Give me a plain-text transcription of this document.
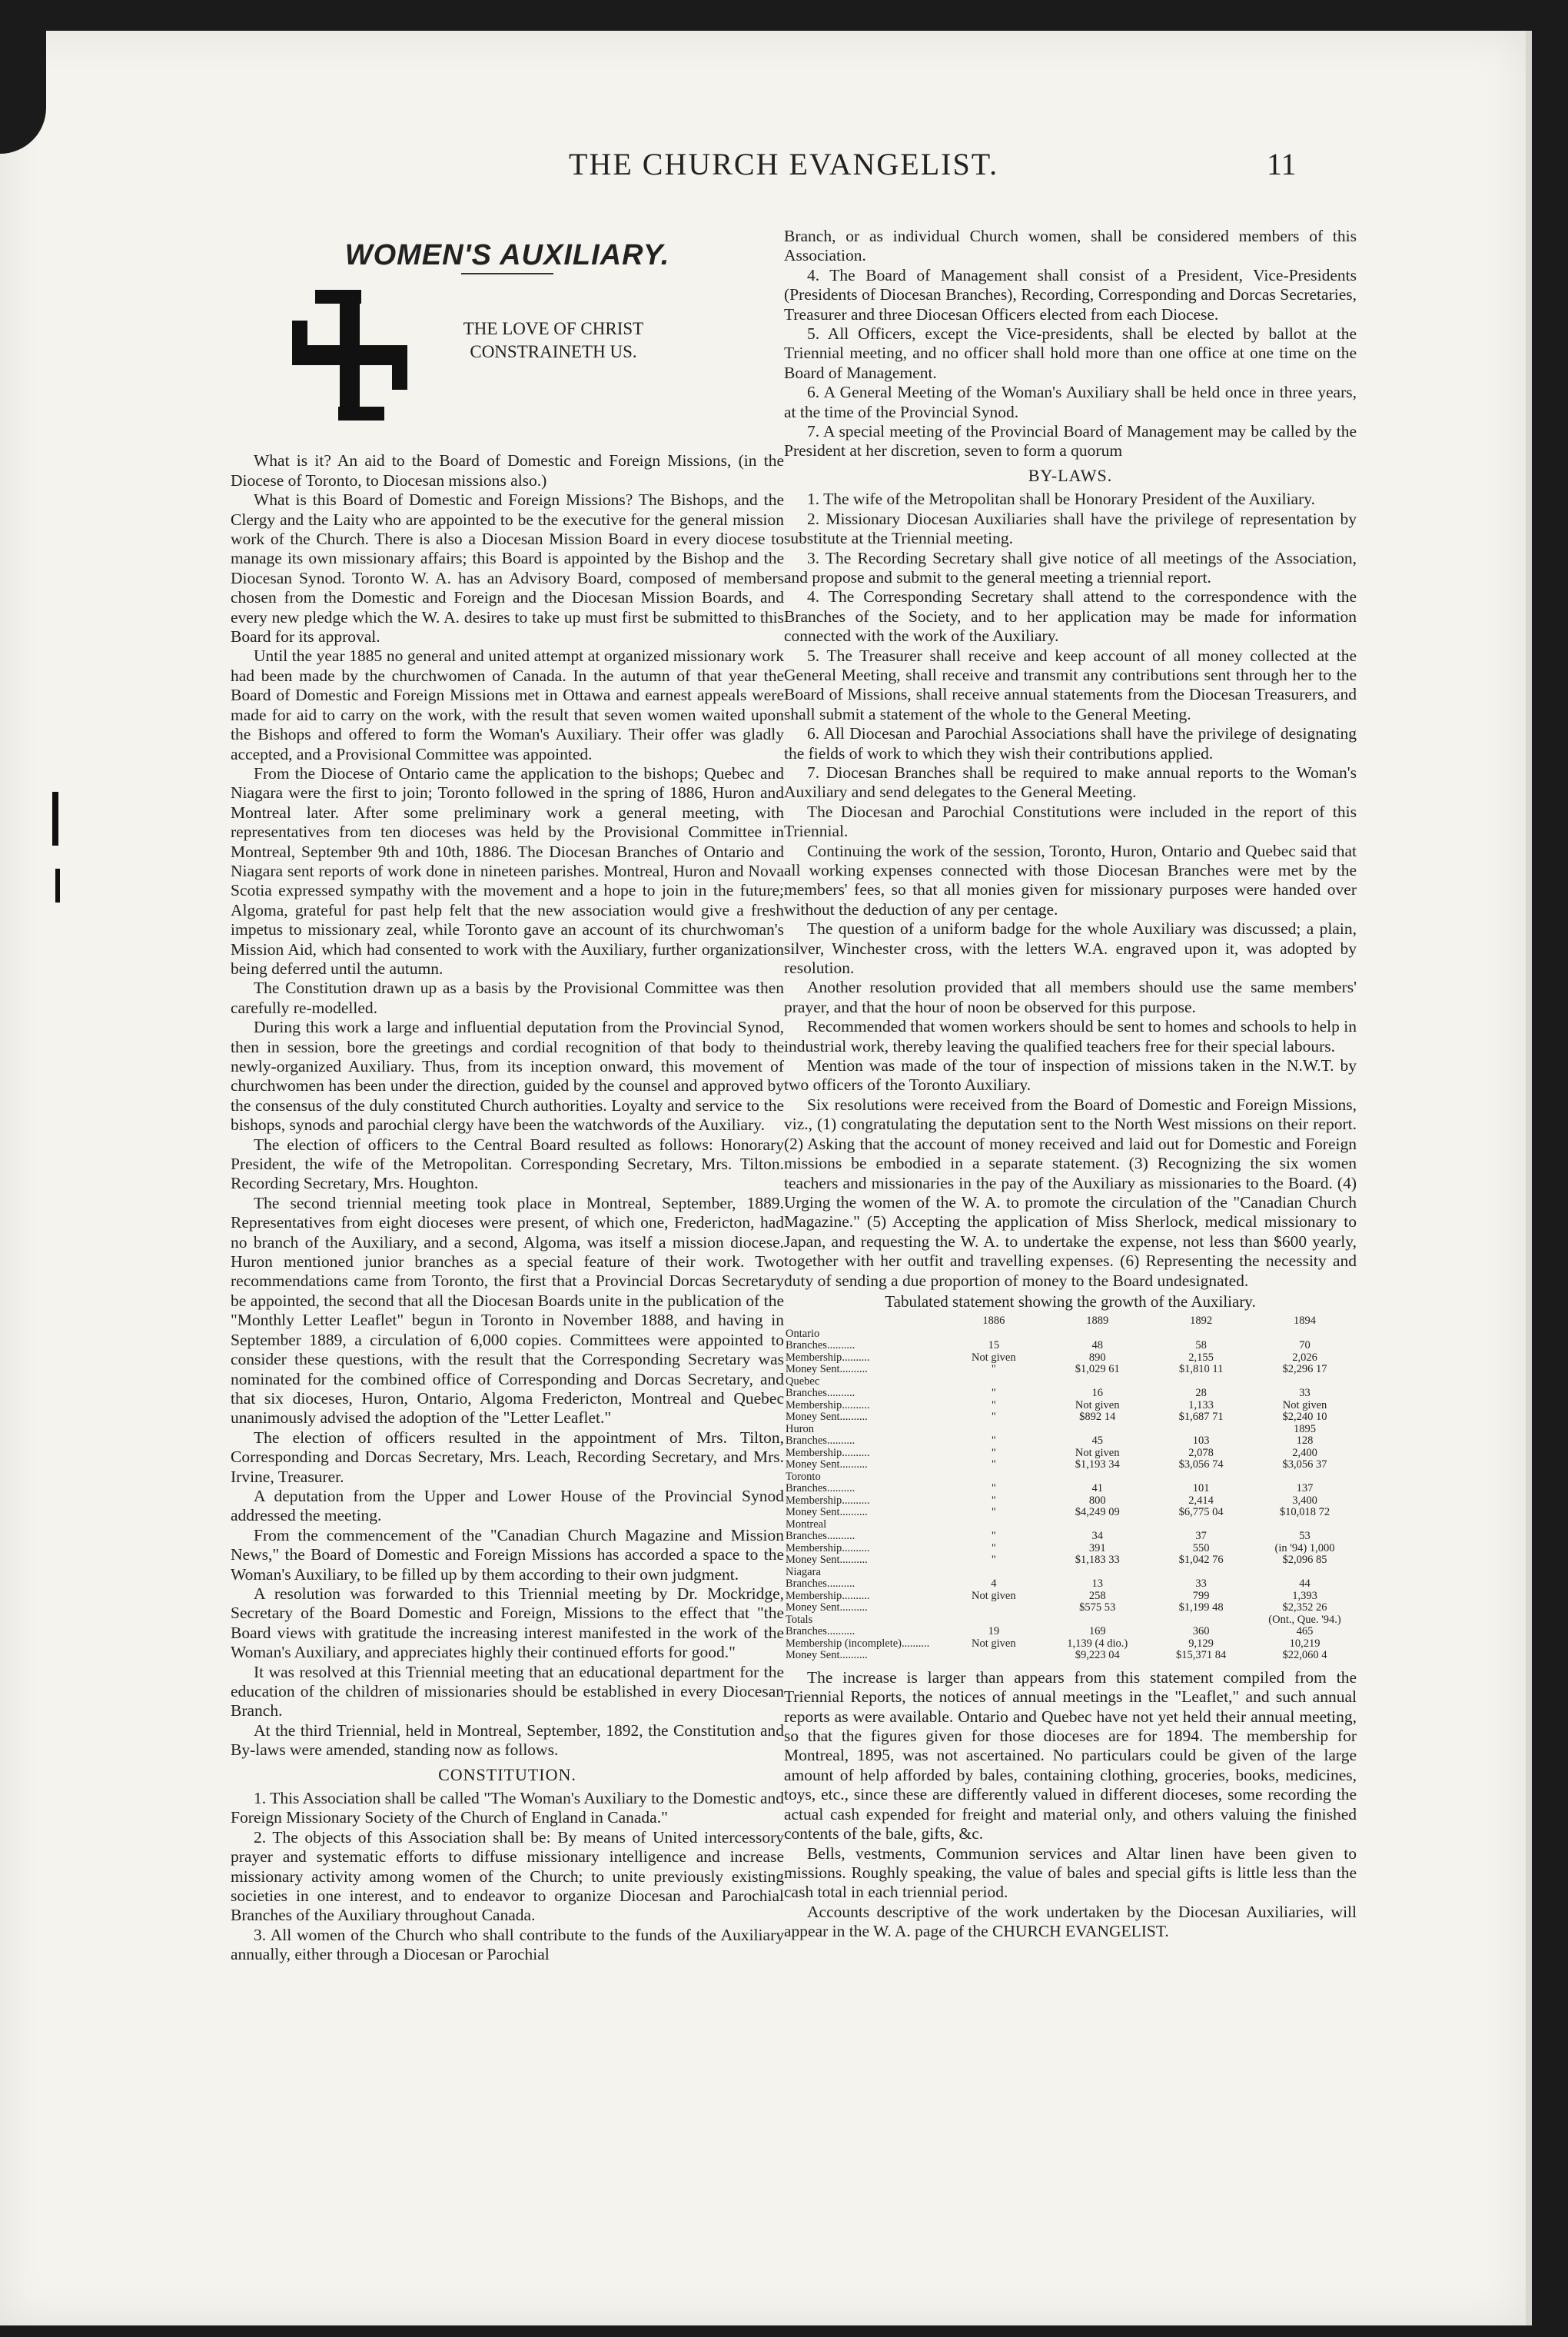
THE CHURCH EVANGELIST.	11
WOMEN'S AUXILIARY.
THE LOVE OF CHRIST
CONSTRAINETH US.

What is it? An aid to the Board of Domestic and Foreign Missions, (in the Diocese of Toronto, to Diocesan missions also.)

What is this Board of Domestic and Foreign Missions? The Bishops, and the Clergy and the Laity who are appointed to be the executive for the general mission work of the Church. There is also a Diocesan Mission Board in every diocese to manage its own missionary affairs; this Board is appointed by the Bishop and the Diocesan Synod. Toronto W. A. has an Advisory Board, composed of members chosen from the Domestic and Foreign and the Diocesan Mission Boards, and every new pledge which the W. A. desires to take up must first be submitted to this Board for its approval.

Until the year 1885 no general and united attempt at organized missionary work had been made by the churchwomen of Canada. In the autumn of that year the Board of Domestic and Foreign Missions met in Ottawa and earnest appeals were made for aid to carry on the work, with the result that seven women waited upon the Bishops and offered to form the Woman's Auxiliary. Their offer was gladly accepted, and a Provisional Committee was appointed.

From the Diocese of Ontario came the application to the bishops; Quebec and Niagara were the first to join; Toronto followed in the spring of 1886, Huron and Montreal later. After some preliminary work a general meeting, with representatives from ten dioceses was held by the Provisional Committee in Montreal, September 9th and 10th, 1886. The Diocesan Branches of Ontario and Niagara sent reports of work done in nineteen parishes. Montreal, Huron and Nova Scotia expressed sympathy with the movement and a hope to join in the future; Algoma, grateful for past help felt that the new association would give a fresh impetus to missionary zeal, while Toronto gave an account of its churchwoman's Mission Aid, which had consented to work with the Auxiliary, further organization being deferred until the autumn.

The Constitution drawn up as a basis by the Provisional Committee was then carefully re-modelled.

During this work a large and influential deputation from the Provincial Synod, then in session, bore the greetings and cordial recognition of that body to the newly-organized Auxiliary. Thus, from its inception onward, this movement of churchwomen has been under the direction, guided by the counsel and approved by the consensus of the duly constituted Church authorities. Loyalty and service to the bishops, synods and parochial clergy have been the watchwords of the Auxiliary.

The election of officers to the Central Board resulted as follows: Honorary President, the wife of the Metropolitan. Corresponding Secretary, Mrs. Tilton. Recording Secretary, Mrs. Houghton.

The second triennial meeting took place in Montreal, September, 1889. Representatives from eight dioceses were present, of which one, Fredericton, had no branch of the Auxiliary, and a second, Algoma, was itself a mission diocese. Huron mentioned junior branches as a special feature of their work. Two recommendations came from Toronto, the first that a Provincial Dorcas Secretary be appointed, the second that all the Diocesan Boards unite in the publication of the "Monthly Letter Leaflet" begun in Toronto in November 1888, and having in September 1889, a circulation of 6,000 copies. Committees were appointed to consider these questions, with the result that the Corresponding Secretary was nominated for the combined office of Corresponding and Dorcas Secretary, and that six dioceses, Huron, Ontario, Algoma Fredericton, Montreal and Quebec unanimously advised the adoption of the "Letter Leaflet."

The election of officers resulted in the appointment of Mrs. Tilton, Corresponding and Dorcas Secretary, Mrs. Leach, Recording Secretary, and Mrs. Irvine, Treasurer.

A deputation from the Upper and Lower House of the Provincial Synod addressed the meeting.

From the commencement of the "Canadian Church Magazine and Mission News," the Board of Domestic and Foreign Missions has accorded a space to the Woman's Auxiliary, to be filled up by them according to their own judgment.

A resolution was forwarded to this Triennial meeting by Dr. Mockridge, Secretary of the Board Domestic and Foreign, Missions to the effect that "the Board views with gratitude the increasing interest manifested in the work of the Woman's Auxiliary, and appreciates highly their continued efforts for good."

It was resolved at this Triennial meeting that an educational department for the education of the children of missionaries should be established in every Diocesan Branch.

At the third Triennial, held in Montreal, September, 1892, the Constitution and By-laws were amended, standing now as follows.

CONSTITUTION.

1. This Association shall be called "The Woman's Auxiliary to the Domestic and Foreign Missionary Society of the Church of England in Canada."

2. The objects of this Association shall be: By means of United intercessory prayer and systematic efforts to diffuse missionary intelligence and increase missionary activity among women of the Church; to unite previously existing societies in one interest, and to endeavor to organize Diocesan and Parochial Branches of the Auxiliary throughout Canada.

3. All women of the Church who shall contribute to the funds of the Auxiliary annually, either through a Diocesan or Parochial

Branch, or as individual Church women, shall be considered members of this Association.

4. The Board of Management shall consist of a President, Vice-Presidents (Presidents of Diocesan Branches), Recording, Corresponding and Dorcas Secretaries, Treasurer and three Diocesan Officers elected from each Diocese.

5. All Officers, except the Vice-presidents, shall be elected by ballot at the Triennial meeting, and no officer shall hold more than one office at one time on the Board of Management.

6. A General Meeting of the Woman's Auxiliary shall be held once in three years, at the time of the Provincial Synod.

7. A special meeting of the Provincial Board of Management may be called by the President at her discretion, seven to form a quorum

BY-LAWS.

1. The wife of the Metropolitan shall be Honorary President of the Auxiliary.

2. Missionary Diocesan Auxiliaries shall have the privilege of representation by substitute at the Triennial meeting.

3. The Recording Secretary shall give notice of all meetings of the Association, and propose and submit to the general meeting a triennial report.

4. The Corresponding Secretary shall attend to the correspondence with the Branches of the Society, and to her application may be made for information connected with the work of the Auxiliary.

5. The Treasurer shall receive and keep account of all money collected at the General Meeting, shall receive and transmit any contributions sent through her to the Board of Missions, shall receive annual statements from the Diocesan Treasurers, and shall submit a statement of the whole to the General Meeting.

6. All Diocesan and Parochial Associations shall have the privilege of designating the fields of work to which they wish their contributions applied.

7. Diocesan Branches shall be required to make annual reports to the Woman's Auxiliary and send delegates to the General Meeting.

The Diocesan and Parochial Constitutions were included in the report of this Triennial.

Continuing the work of the session, Toronto, Huron, Ontario and Quebec said that all working expenses connected with those Diocesan Branches were met by the members' fees, so that all monies given for missionary purposes were handed over without the deduction of any per centage.

The question of a uniform badge for the whole Auxiliary was discussed; a plain, silver, Winchester cross, with the letters W.A. engraved upon it, was adopted by resolution.

Another resolution provided that all members should use the same members' prayer, and that the hour of noon be observed for this purpose.

Recommended that women workers should be sent to homes and schools to help in industrial work, thereby leaving the qualified teachers free for their special labours.

Mention was made of the tour of inspection of missions taken in the N.W.T. by two officers of the Toronto Auxiliary.

Six resolutions were received from the Board of Domestic and Foreign Missions, viz., (1) congratulating the deputation sent to the North West missions on their report. (2) Asking that the account of money received and laid out for Domestic and Foreign missions be embodied in a separate statement. (3) Recognizing the six women teachers and missionaries in the pay of the Auxiliary as missionaries to the Board. (4) Urging the women of the W. A. to promote the circulation of the "Canadian Church Magazine." (5) Accepting the application of Miss Sherlock, medical missionary to Japan, and requesting the W. A. to undertake the expense, not less than $600 yearly, together with her outfit and travelling expenses. (6) Representing the necessity and duty of sending a due proportion of money to the Board undesignated.

Tabulated statement showing the growth of the Auxiliary.
	1886	1889	1892	1894
Ontario				
Branches..........	15	48	58	70
Membership..........	Not given	890	2,155	2,026
Money Sent..........	"	$1,029 61	$1,810 11	$2,296 17
Quebec				
Branches..........	"	16	28	33
Membership..........	"	Not given	1,133	Not given
Money Sent..........	"	$892 14	$1,687 71	$2,240 10
Huron				1895
Branches..........	"	45	103	128
Membership..........	"	Not given	2,078	2,400
Money Sent..........	"	$1,193 34	$3,056 74	$3,056 37
Toronto				
Branches..........	"	41	101	137
Membership..........	"	800	2,414	3,400
Money Sent..........	"	$4,249 09	$6,775 04	$10,018 72
Montreal				
Branches..........	"	34	37	53
Membership..........	"	391	550	(in '94) 1,000
Money Sent..........	"	$1,183 33	$1,042 76	$2,096 85
Niagara				
Branches..........	4	13	33	44
Membership..........	Not given	258	799	1,393
Money Sent..........		$575 53	$1,199 48	$2,352 26
Totals				(Ont., Que. '94.)
Branches..........	19	169	360	465
Membership (incomplete)..........	Not given	1,139 (4 dio.)	9,129	10,219
Money Sent..........		$9,223 04	$15,371 84	$22,060 4

The increase is larger than appears from this statement compiled from the Triennial Reports, the notices of annual meetings in the "Leaflet," and such annual reports as were available. Ontario and Quebec have not yet held their annual meeting, so that the figures given for those dioceses are for 1894. The membership for Montreal, 1895, was not ascertained. No particulars could be given of the large amount of help afforded by bales, containing clothing, groceries, books, medicines, toys, etc., since these are differently valued in different dioceses, some recording the actual cash expended for freight and material only, and others valuing the finished contents of the bale, gifts, &c.

Bells, vestments, Communion services and Altar linen have been given to missions. Roughly speaking, the value of bales and special gifts is little less than the cash total in each triennial period.

Accounts descriptive of the work undertaken by the Diocesan Auxiliaries, will appear in the W. A. page of the CHURCH EVANGELIST.
